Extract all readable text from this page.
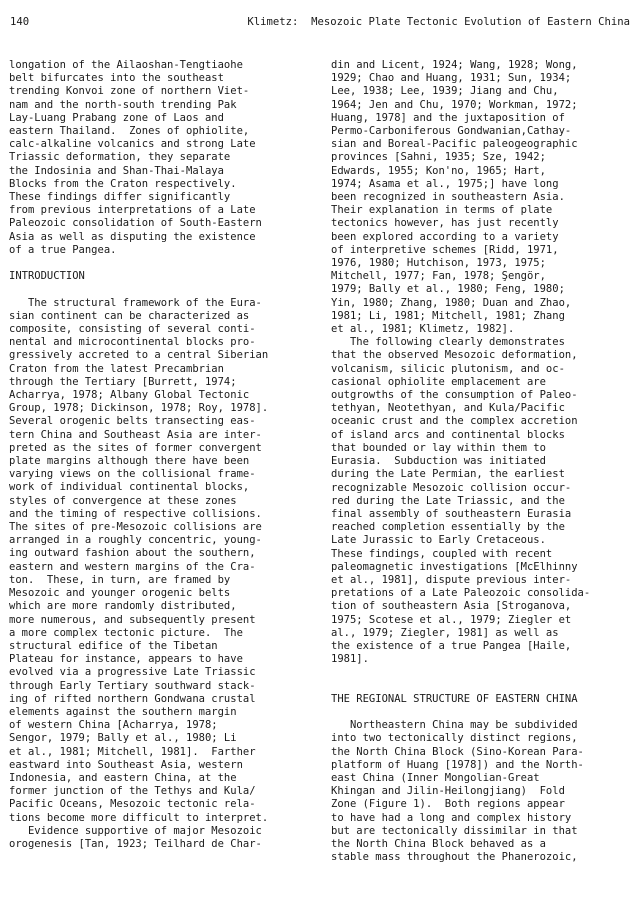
140

	Klimetz:  Mesozoic Plate Tectonic Evolution of Eastern China

longation of the Ailaoshan-Tengtiaohe
belt bifurcates into the southeast
trending Konvoi zone of northern Viet-
nam and the north-south trending Pak
Lay-Luang Prabang zone of Laos and
eastern Thailand.  Zones of ophiolite,
calc-alkaline volcanics and strong Late
Triassic deformation, they separate
the Indosinia and Shan-Thai-Malaya
Blocks from the Craton respectively.
These findings differ significantly
from previous interpretations of a Late
Paleozoic consolidation of South-Eastern
Asia as well as disputing the existence
of a true Pangea.
INTRODUCTION
The structural framework of the Eura-
sian continent can be characterized as
composite, consisting of several conti-
nental and microcontinental blocks pro-
gressively accreted to a central Siberian
Craton from the latest Precambrian
through the Tertiary [Burrett, 1974;
Acharrya, 1978; Albany Global Tectonic
Group, 1978; Dickinson, 1978; Roy, 1978].
Several orogenic belts transecting eas-
tern China and Southeast Asia are inter-
preted as the sites of former convergent
plate margins although there have been
varying views on the collisional frame-
work of individual continental blocks,
styles of convergence at these zones
and the timing of respective collisions.
The sites of pre-Mesozoic collisions are
arranged in a roughly concentric, young-
ing outward fashion about the southern,
eastern and western margins of the Cra-
ton.  These, in turn, are framed by
Mesozoic and younger orogenic belts
which are more randomly distributed,
more numerous, and subsequently present
a more complex tectonic picture.  The
structural edifice of the Tibetan
Plateau for instance, appears to have
evolved via a progressive Late Triassic
through Early Tertiary southward stack-
ing of rifted northern Gondwana crustal
elements against the southern margin
of western China [Acharrya, 1978;
Sengor, 1979; Bally et al., 1980; Li
et al., 1981; Mitchell, 1981].  Farther
eastward into Southeast Asia, western
Indonesia, and eastern China, at the
former junction of the Tethys and Kula/
Pacific Oceans, Mesozoic tectonic rela-
tions become more difficult to interpret.
Evidence supportive of major Mesozoic
orogenesis [Tan, 1923; Teilhard de Char-
din and Licent, 1924; Wang, 1928; Wong,
1929; Chao and Huang, 1931; Sun, 1934;
Lee, 1938; Lee, 1939; Jiang and Chu,
1964; Jen and Chu, 1970; Workman, 1972;
Huang, 1978] and the juxtaposition of
Permo-Carboniferous Gondwanian,Cathay-
sian and Boreal-Pacific paleogeographic
provinces [Sahni, 1935; Sze, 1942;
Edwards, 1955; Kon'no, 1965; Hart,
1974; Asama et al., 1975;] have long
been recognized in southeastern Asia.
Their explanation in terms of plate
tectonics however, has just recently
been explored according to a variety
of interpretive schemes [Ridd, 1971,
1976, 1980; Hutchison, 1973, 1975;
Mitchell, 1977; Fan, 1978; Şengör,
1979; Bally et al., 1980; Feng, 1980;
Yin, 1980; Zhang, 1980; Duan and Zhao,
1981; Li, 1981; Mitchell, 1981; Zhang
et al., 1981; Klimetz, 1982].
The following clearly demonstrates
that the observed Mesozoic deformation,
volcanism, silicic plutonism, and oc-
casional ophiolite emplacement are
outgrowths of the consumption of Paleo-
tethyan, Neotethyan, and Kula/Pacific
oceanic crust and the complex accretion
of island arcs and continental blocks
that bounded or lay within them to
Eurasia.  Subduction was initiated
during the Late Permian, the earliest
recognizable Mesozoic collision occur-
red during the Late Triassic, and the
final assembly of southeastern Eurasia
reached completion essentially by the
Late Jurassic to Early Cretaceous.
These findings, coupled with recent
paleomagnetic investigations [McElhinny
et al., 1981], dispute previous inter-
pretations of a Late Paleozoic consolida-
tion of southeastern Asia [Stroganova,
1975; Scotese et al., 1979; Ziegler et
al., 1979; Ziegler, 1981] as well as
the existence of a true Pangea [Haile,
1981].
THE REGIONAL STRUCTURE OF EASTERN CHINA
Northeastern China may be subdivided
into two tectonically distinct regions,
the North China Block (Sino-Korean Para-
platform of Huang [1978]) and the North-
east China (Inner Mongolian-Great
Khingan and Jilin-Heilongjiang)  Fold
Zone (Figure 1).  Both regions appear
to have had a long and complex history
but are tectonically dissimilar in that
the North China Block behaved as a
stable mass throughout the Phanerozoic,
